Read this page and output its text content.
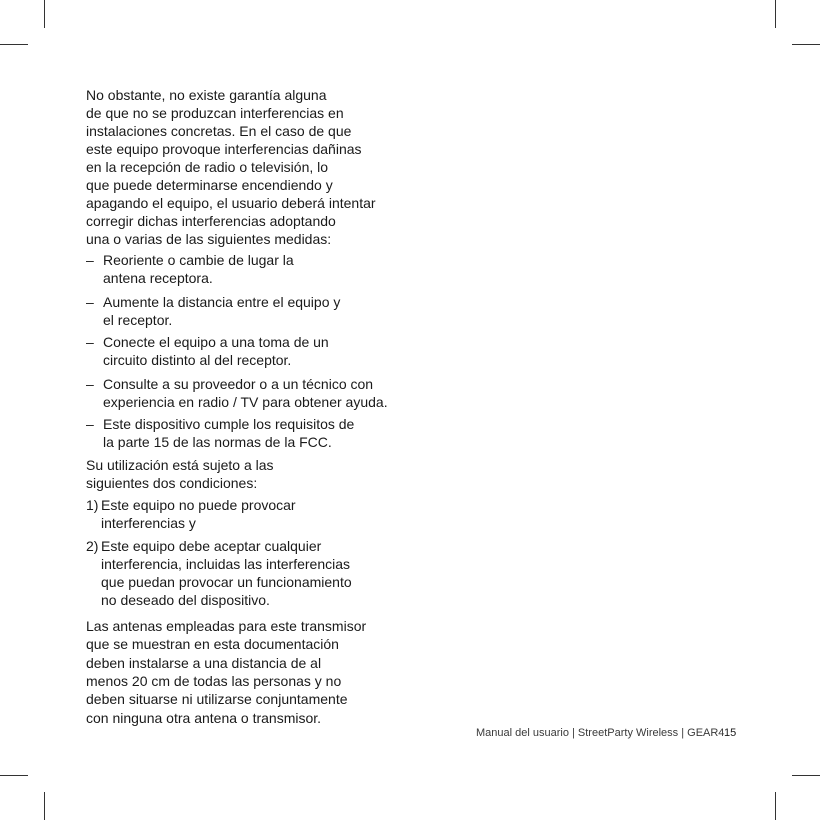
No obstante, no existe garantía alguna
de que no se produzcan interferencias en
instalaciones concretas. En el caso de que
este equipo provoque interferencias dañinas
en la recepción de radio o televisión, lo
que puede determinarse encendiendo y
apagando el equipo, el usuario deberá intentar
corregir dichas interferencias adoptando
una o varias de las siguientes medidas:
– Reoriente o cambie de lugar la
antena receptora.
– Aumente la distancia entre el equipo y
el receptor.
– Conecte el equipo a una toma de un
circuito distinto al del receptor.
– Consulte a su proveedor o a un técnico con
experiencia en radio / TV para obtener ayuda.
– Este dispositivo cumple los requisitos de
la parte 15 de las normas de la FCC.
Su utilización está sujeto a las
siguientes dos condiciones:
1) Este equipo no puede provocar
interferencias y
2) Este equipo debe aceptar cualquier
interferencia, incluidas las interferencias
que puedan provocar un funcionamiento
no deseado del dispositivo.
Las antenas empleadas para este transmisor
que se muestran en esta documentación
deben instalarse a una distancia de al
menos 20 cm de todas las personas y no
deben situarse ni utilizarse conjuntamente
con ninguna otra antena o transmisor.
Manual del usuario | StreetParty Wireless | GEAR4 15
